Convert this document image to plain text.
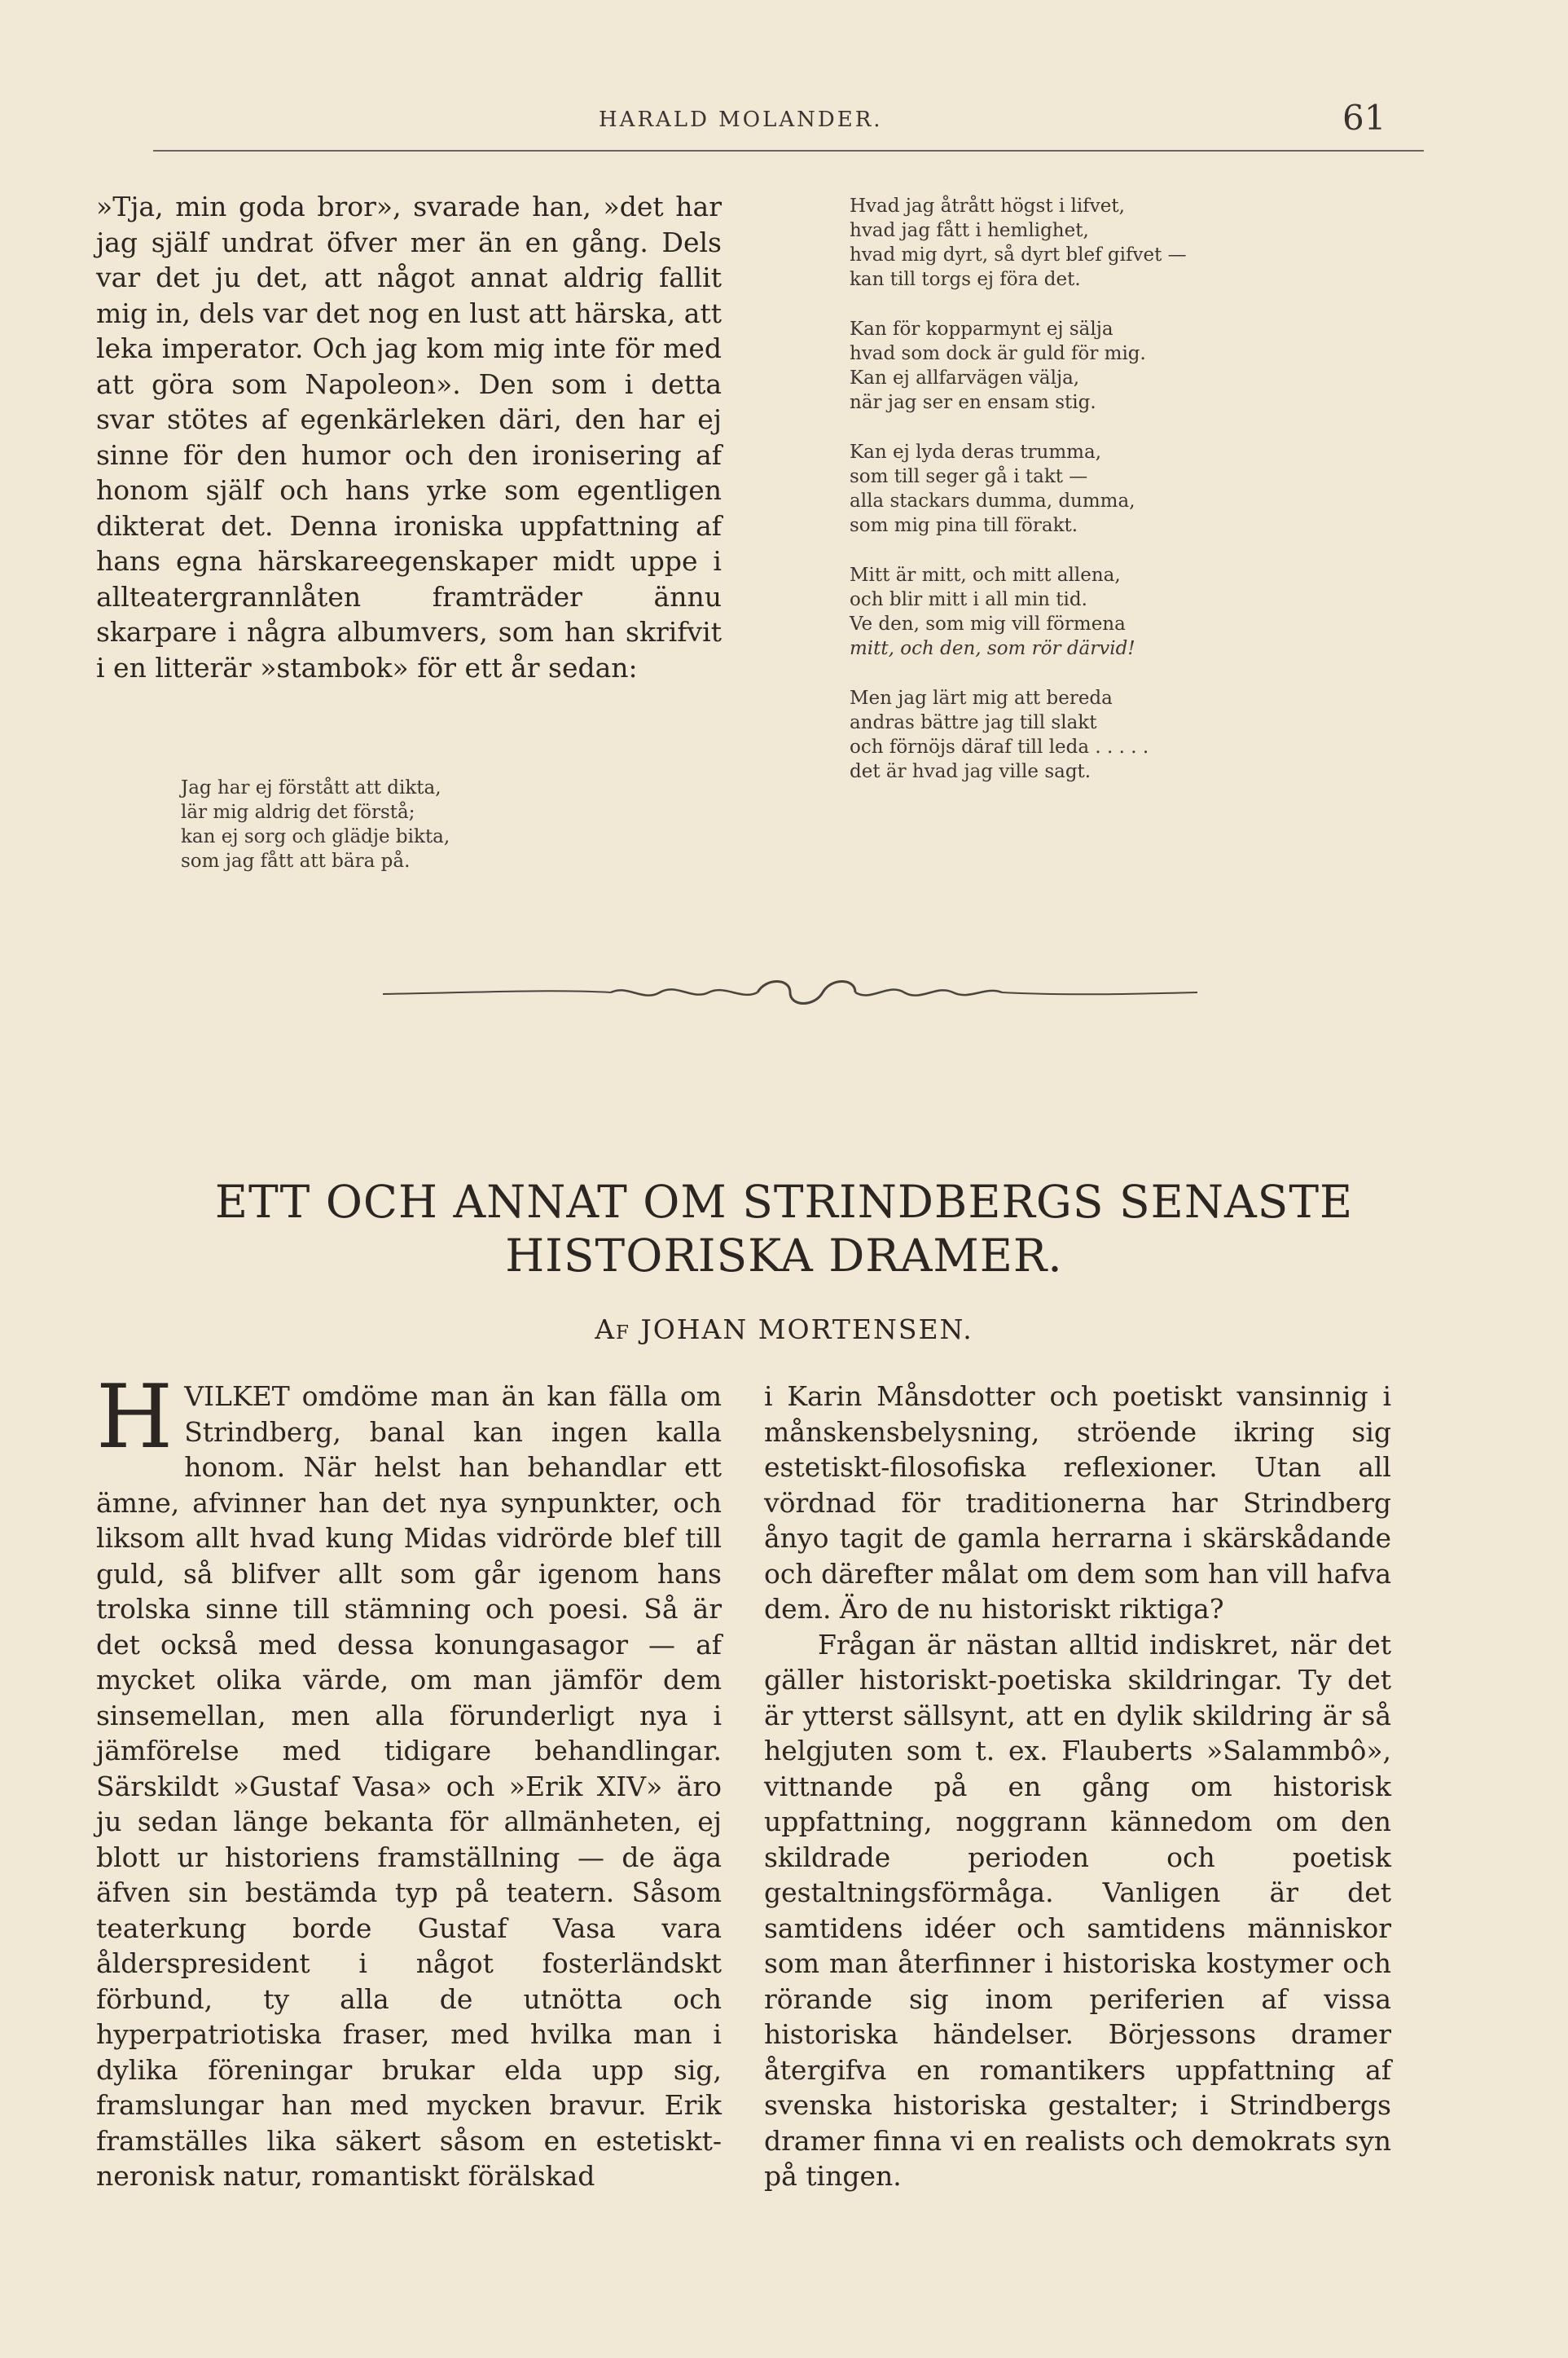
HARALD MOLANDER.	61

»Tja, min goda bror», svarade han, »det har jag själf undrat öfver mer än en gång. Dels var det ju det, att något annat aldrig fallit mig in, dels var det nog en lust att härska, att leka imperator. Och jag kom mig inte för med att göra som Napoleon». Den som i detta svar stötes af egenkärleken däri, den har ej sinne för den humor och den ironisering af honom själf och hans yrke som egentligen dikterat det. Denna ironiska uppfattning af hans egna härskareegenskaper midt uppe i allteatergrannlåten framträder ännu skarpare i några albumvers, som han skrifvit i en litterär »stambok» för ett år sedan:

Jag har ej förstått att dikta,
lär mig aldrig det förstå;
kan ej sorg och glädje bikta,
som jag fått att bära på.
Hvad jag åtrått högst i lifvet,
hvad jag fått i hemlighet,
hvad mig dyrt, så dyrt blef gifvet —
kan till torgs ej föra det.
Kan för kopparmynt ej sälja
hvad som dock är guld för mig.
Kan ej allfarvägen välja,
när jag ser en ensam stig.
Kan ej lyda deras trumma,
som till seger gå i takt —
alla stackars dumma, dumma,
som mig pina till förakt.
Mitt är mitt, och mitt allena,
och blir mitt i all min tid.
Ve den, som mig vill förmena
mitt, och den, som rör därvid!
Men jag lärt mig att bereda
andras bättre jag till slakt
och förnöjs däraf till leda . . . . .
det är hvad jag ville sagt.
ETT OCH ANNAT OM STRINDBERGS SENASTE
HISTORISKA DRAMER.
Af JOHAN MORTENSEN.

HVILKET omdöme man än kan fälla om Strindberg, banal kan ingen kalla honom. När helst han behandlar ett ämne, afvinner han det nya synpunkter, och liksom allt hvad kung Midas vidrörde blef till guld, så blifver allt som går igenom hans trolska sinne till stämning och poesi. Så är det också med dessa konungasagor — af mycket olika värde, om man jämför dem sinsemellan, men alla förunderligt nya i jämförelse med tidigare behandlingar. Särskildt »Gustaf Vasa» och »Erik XIV» äro ju sedan länge bekanta för allmänheten, ej blott ur historiens framställning — de äga äfven sin bestämda typ på teatern. Såsom teaterkung borde Gustaf Vasa vara ålderspresident i något fosterländskt förbund, ty alla de utnötta och hyperpatriotiska fraser, med hvilka man i dylika föreningar brukar elda upp sig, framslungar han med mycken bravur. Erik framställes lika säkert såsom en estetiskt-neronisk natur, romantiskt förälskad

i Karin Månsdotter och poetiskt vansinnig i månskensbelysning, ströende ikring sig estetiskt-filosofiska reflexioner. Utan all vördnad för traditionerna har Strindberg ånyo tagit de gamla herrarna i skärskådande och därefter målat om dem som han vill hafva dem. Äro de nu historiskt riktiga?

Frågan är nästan alltid indiskret, när det gäller historiskt-poetiska skildringar. Ty det är ytterst sällsynt, att en dylik skildring är så helgjuten som t. ex. Flauberts »Salammbô», vittnande på en gång om historisk uppfattning, noggrann kännedom om den skildrade perioden och poetisk gestaltningsförmåga. Vanligen är det samtidens idéer och samtidens människor som man återfinner i historiska kostymer och rörande sig inom periferien af vissa historiska händelser. Börjessons dramer återgifva en romantikers uppfattning af svenska historiska gestalter; i Strindbergs dramer finna vi en realists och demokrats syn på tingen.
